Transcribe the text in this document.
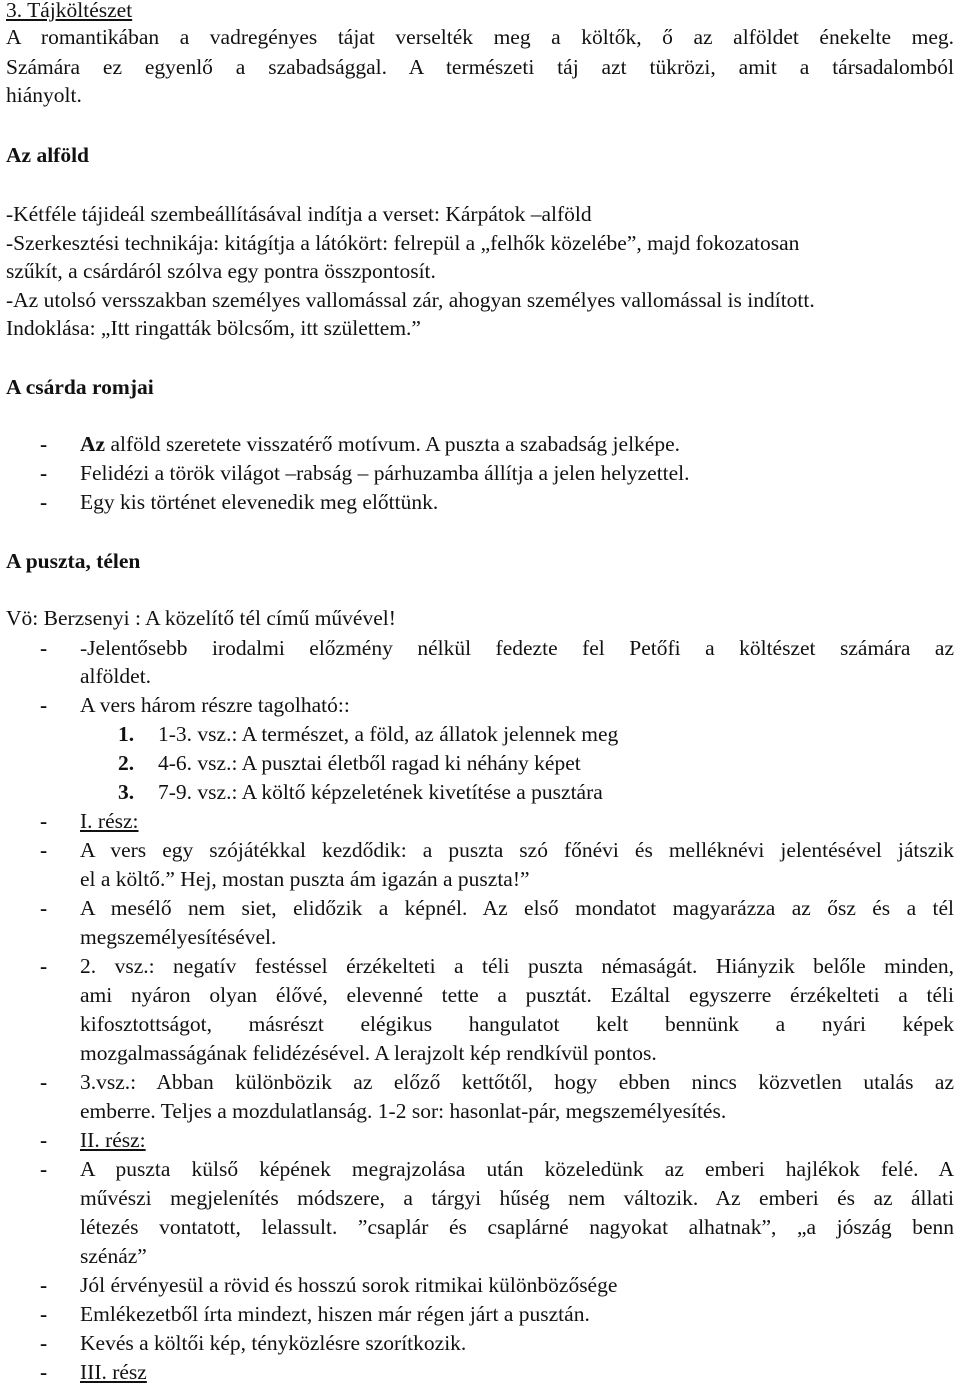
3. Tájköltészet
A romantikában a vadregényes tájat verselték meg a költők, ő az alföldet énekelte meg.
Számára ez egyenlő a szabadsággal. A természeti táj azt tükrözi, amit a társadalomból
hiányolt.
Az alföld
-Kétféle tájideál szembeállításával indítja a verset: Kárpátok –alföld
-Szerkesztési technikája: kitágítja a látókört: felrepül a „felhők közelébe”, majd fokozatosan
szűkít, a csárdáról szólva egy pontra összpontosít.
-Az utolsó versszakban személyes vallomással zár, ahogyan személyes vallomással is indított.
Indoklása: „Itt ringatták bölcsőm, itt születtem.”
A csárda romjai
- Az alföld szeretete visszatérő motívum. A puszta a szabadság jelképe.
- Felidézi a török világot –rabság – párhuzamba állítja a jelen helyzettel.
- Egy kis történet elevenedik meg előttünk.
A puszta, télen
Vö: Berzsenyi : A közelítő tél című művével!
- -Jelentősebb irodalmi előzmény nélkül fedezte fel Petőfi a költészet számára az
alföldet.
- A vers három részre tagolható::
1. 1-3. vsz.: A természet, a föld, az állatok jelennek meg
2. 4-6. vsz.: A pusztai életből ragad ki néhány képet
3. 7-9. vsz.: A költő képzeletének kivetítése a pusztára
- I. rész:
- A vers egy szójátékkal kezdődik: a puszta szó főnévi és melléknévi jelentésével játszik
el a költő.” Hej, mostan puszta ám igazán a puszta!”
- A mesélő nem siet, elidőzik a képnél. Az első mondatot magyarázza az ősz és a tél
megszemélyesítésével.
- 2. vsz.: negatív festéssel érzékelteti a téli puszta némaságát. Hiányzik belőle minden,
ami nyáron olyan élővé, elevenné tette a pusztát. Ezáltal egyszerre érzékelteti a téli
kifosztottságot, másrészt elégikus hangulatot kelt bennünk a nyári képek
mozgalmasságának felidézésével. A lerajzolt kép rendkívül pontos.
- 3.vsz.: Abban különbözik az előző kettőtől, hogy ebben nincs közvetlen utalás az
emberre. Teljes a mozdulatlanság. 1-2 sor: hasonlat-pár, megszemélyesítés.
- II. rész:
- A puszta külső képének megrajzolása után közeledünk az emberi hajlékok felé. A
művészi megjelenítés módszere, a tárgyi hűség nem változik. Az emberi és az állati
létezés vontatott, lelassult. ”csaplár és csaplárné nagyokat alhatnak”, „a jószág benn
szénáz”
- Jól érvényesül a rövid és hosszú sorok ritmikai különbözősége
- Emlékezetből írta mindezt, hiszen már régen járt a pusztán.
- Kevés a költői kép, tényközlésre szorítkozik.
- III. rész
